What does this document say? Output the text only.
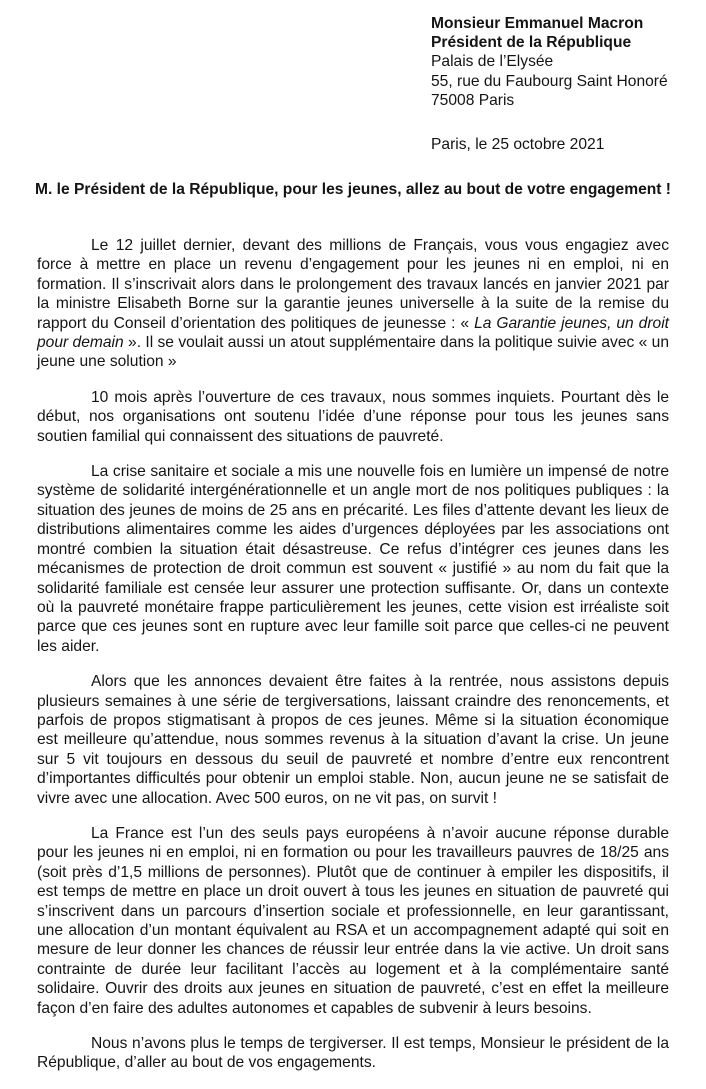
Monsieur Emmanuel Macron
Président de la République
Palais de l’Elysée
55, rue du Faubourg Saint Honoré
75008 Paris
Paris, le 25 octobre 2021
M. le Président de la République, pour les jeunes, allez au bout de votre engagement !

Le 12 juillet dernier, devant des millions de Français, vous vous engagiez avec force à mettre en place un revenu d’engagement pour les jeunes ni en emploi, ni en formation. Il s’inscrivait alors dans le prolongement des travaux lancés en janvier 2021 par la ministre Elisabeth Borne sur la garantie jeunes universelle à la suite de la remise du rapport du Conseil d’orientation des politiques de jeunesse : « La Garantie jeunes, un droit pour demain ». Il se voulait aussi un atout supplémentaire dans la politique suivie avec « un jeune une solution »

10 mois après l’ouverture de ces travaux, nous sommes inquiets. Pourtant dès le début, nos organisations ont soutenu l’idée d’une réponse pour tous les jeunes sans soutien familial qui connaissent des situations de pauvreté.

La crise sanitaire et sociale a mis une nouvelle fois en lumière un impensé de notre système de solidarité intergénérationnelle et un angle mort de nos politiques publiques : la situation des jeunes de moins de 25 ans en précarité. Les files d’attente devant les lieux de distributions alimentaires comme les aides d’urgences déployées par les associations ont montré combien la situation était désastreuse. Ce refus d’intégrer ces jeunes dans les mécanismes de protection de droit commun est souvent « justifié » au nom du fait que la solidarité familiale est censée leur assurer une protection suffisante. Or, dans un contexte où la pauvreté monétaire frappe particulièrement les jeunes, cette vision est irréaliste soit parce que ces jeunes sont en rupture avec leur famille soit parce que celles-ci ne peuvent les aider.

Alors que les annonces devaient être faites à la rentrée, nous assistons depuis plusieurs semaines à une série de tergiversations, laissant craindre des renoncements, et parfois de propos stigmatisant à propos de ces jeunes. Même si la situation économique est meilleure qu’attendue, nous sommes revenus à la situation d’avant la crise. Un jeune sur 5 vit toujours en dessous du seuil de pauvreté et nombre d’entre eux rencontrent d’importantes difficultés pour obtenir un emploi stable. Non, aucun jeune ne se satisfait de vivre avec une allocation. Avec 500 euros, on ne vit pas, on survit !

La France est l’un des seuls pays européens à n’avoir aucune réponse durable pour les jeunes ni en emploi, ni en formation ou pour les travailleurs pauvres de 18/25 ans (soit près d’1,5 millions de personnes). Plutôt que de continuer à empiler les dispositifs, il est temps de mettre en place un droit ouvert à tous les jeunes en situation de pauvreté qui s’inscrivent dans un parcours d’insertion sociale et professionnelle, en leur garantissant, une allocation d’un montant équivalent au RSA et un accompagnement adapté qui soit en mesure de leur donner les chances de réussir leur entrée dans la vie active. Un droit sans contrainte de durée leur facilitant l’accès au logement et à la complémentaire santé solidaire. Ouvrir des droits aux jeunes en situation de pauvreté, c’est en effet la meilleure façon d’en faire des adultes autonomes et capables de subvenir à leurs besoins.

Nous n’avons plus le temps de tergiverser. Il est temps, Monsieur le président de la République, d’aller au bout de vos engagements.
